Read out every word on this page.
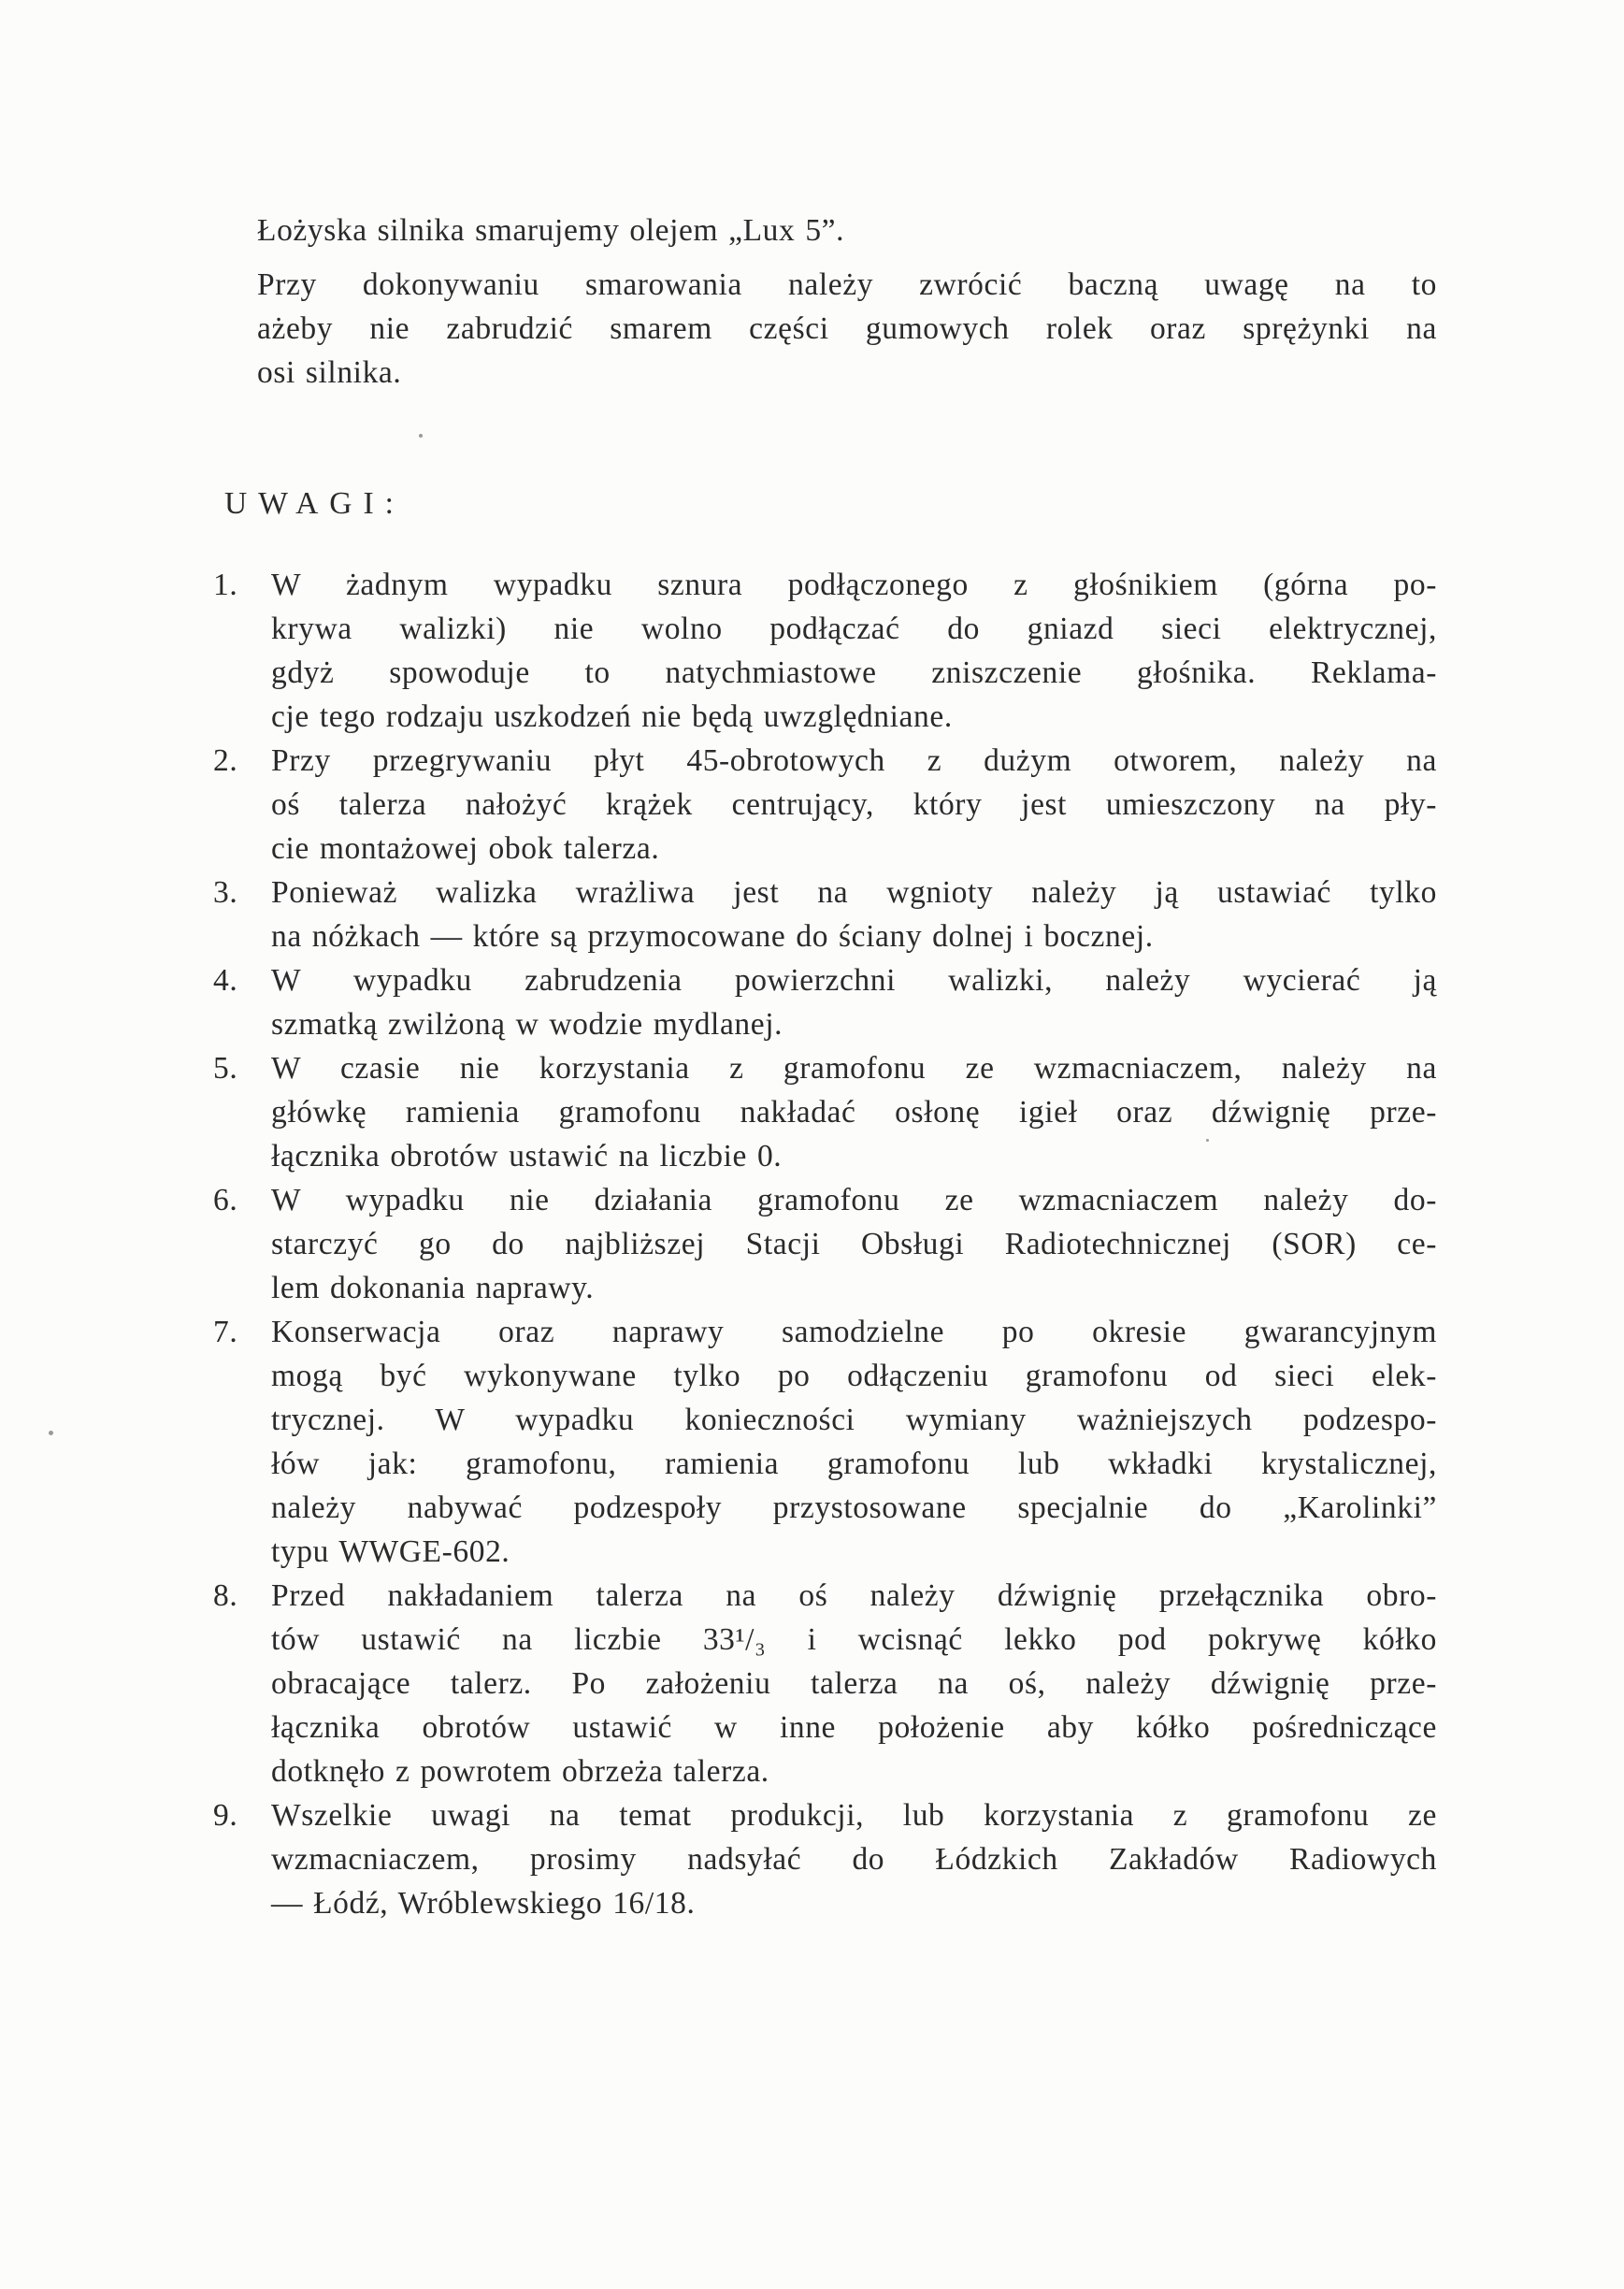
Łożyska silnika smarujemy olejem „Lux 5”.
Przy dokonywaniu smarowania należy zwrócić baczną uwagę na to
ażeby nie zabrudzić smarem części gumowych rolek oraz sprężynki na
osi silnika.
UWAGI:
1. W żadnym wypadku sznura podłączonego z głośnikiem (górna po-
krywa walizki) nie wolno podłączać do gniazd sieci elektrycznej,
gdyż spowoduje to natychmiastowe zniszczenie głośnika. Reklama-
cje tego rodzaju uszkodzeń nie będą uwzględniane.
2. Przy przegrywaniu płyt 45-obrotowych z dużym otworem, należy na
oś talerza nałożyć krążek centrujący, który jest umieszczony na pły-
cie montażowej obok talerza.
3. Ponieważ walizka wrażliwa jest na wgnioty należy ją ustawiać tylko
na nóżkach — które są przymocowane do ściany dolnej i bocznej.
4. W wypadku zabrudzenia powierzchni walizki, należy wycierać ją
szmatką zwilżoną w wodzie mydlanej.
5. W czasie nie korzystania z gramofonu ze wzmacniaczem, należy na
główkę ramienia gramofonu nakładać osłonę igieł oraz dźwignię prze-
łącznika obrotów ustawić na liczbie 0.
6. W wypadku nie działania gramofonu ze wzmacniaczem należy do-
starczyć go do najbliższej Stacji Obsługi Radiotechnicznej (SOR) ce-
lem dokonania naprawy.
7. Konserwacja oraz naprawy samodzielne po okresie gwarancyjnym
mogą być wykonywane tylko po odłączeniu gramofonu od sieci elek-
trycznej. W wypadku konieczności wymiany ważniejszych podzespo-
łów jak: gramofonu, ramienia gramofonu lub wkładki krystalicznej,
należy nabywać podzespoły przystosowane specjalnie do „Karolinki”
typu WWGE-602.
8. Przed nakładaniem talerza na oś należy dźwignię przełącznika obro-
tów ustawić na liczbie 33¹/₃ i wcisnąć lekko pod pokrywę kółko
obracające talerz. Po założeniu talerza na oś, należy dźwignię prze-
łącznika obrotów ustawić w inne położenie aby kółko pośredniczące
dotknęło z powrotem obrzeża talerza.
9. Wszelkie uwagi na temat produkcji, lub korzystania z gramofonu ze
wzmacniaczem, prosimy nadsyłać do Łódzkich Zakładów Radiowych
— Łódź, Wróblewskiego 16/18.
